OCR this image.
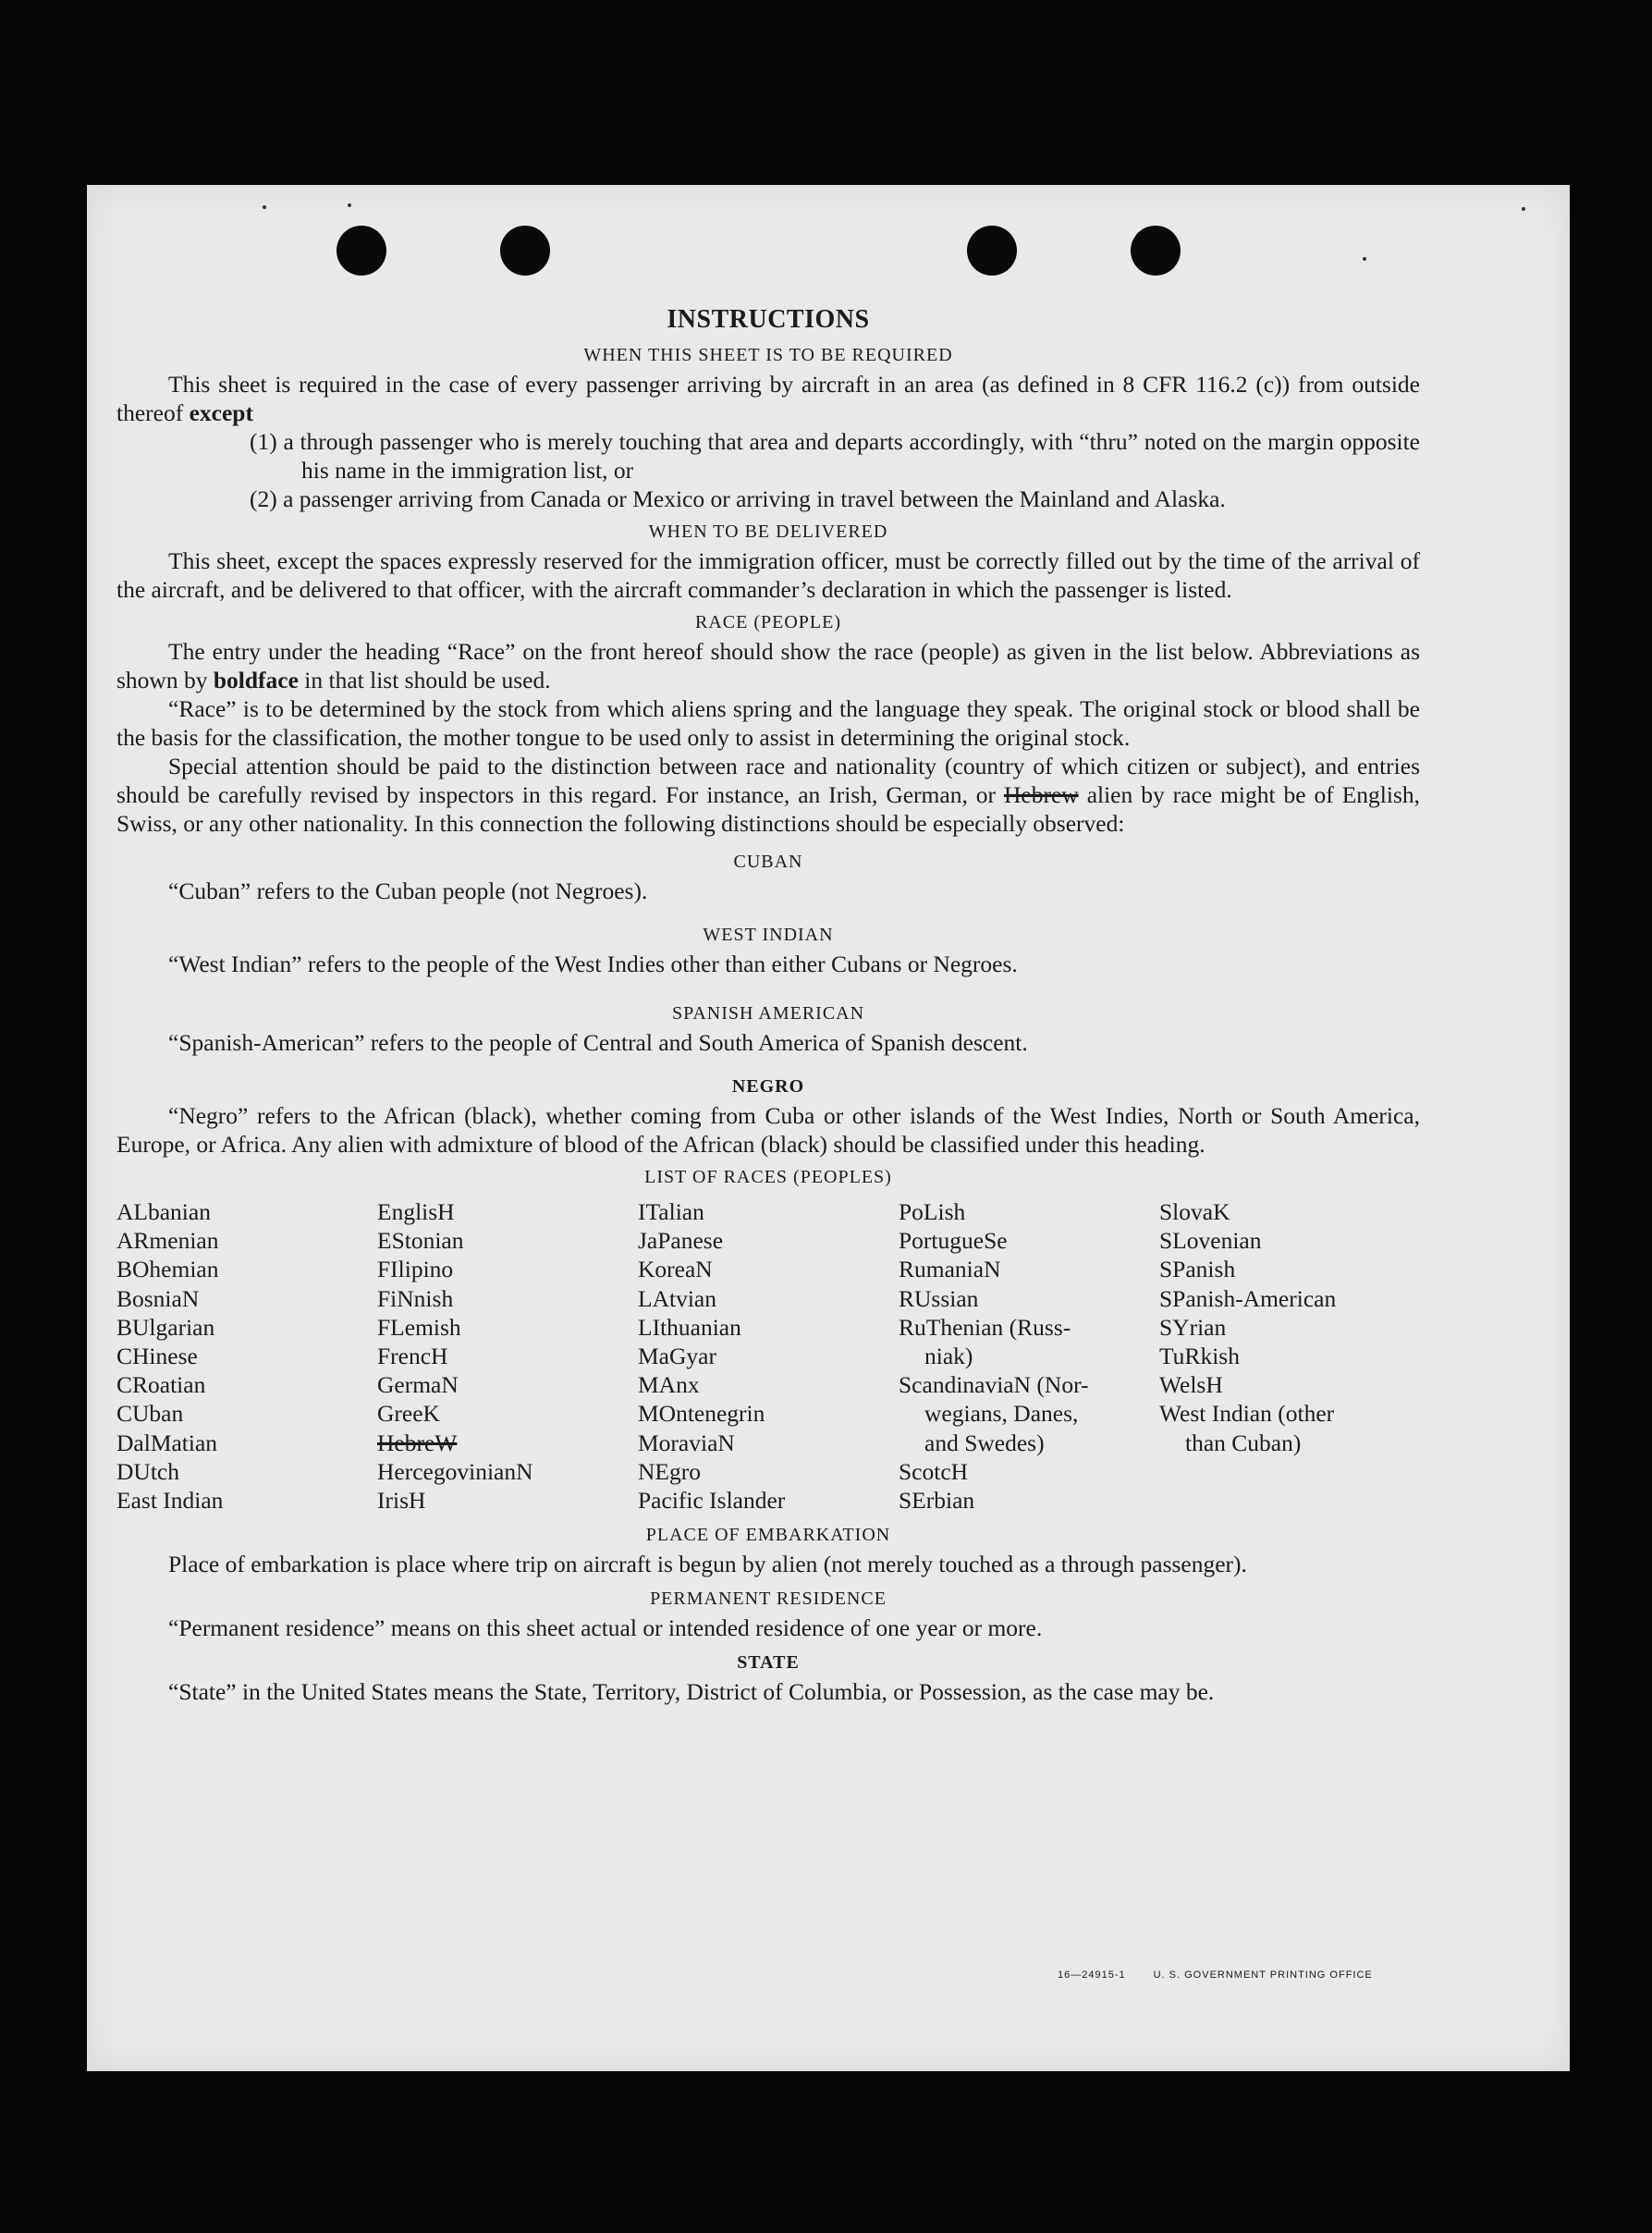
INSTRUCTIONS
WHEN THIS SHEET IS TO BE REQUIRED

This sheet is required in the case of every passenger arriving by aircraft in an area (as defined in 8 CFR 116.2 (c)) from outside thereof except

(1) a through passenger who is merely touching that area and departs accordingly, with “thru” noted on the margin opposite his name in the immigration list, or

(2) a passenger arriving from Canada or Mexico or arriving in travel between the Mainland and Alaska.

WHEN TO BE DELIVERED

This sheet, except the spaces expressly reserved for the immigration officer, must be correctly filled out by the time of the arrival of the aircraft, and be delivered to that officer, with the aircraft commander’s declaration in which the passenger is listed.

RACE (PEOPLE)

The entry under the heading “Race” on the front hereof should show the race (people) as given in the list below. Abbreviations as shown by boldface in that list should be used.

“Race” is to be determined by the stock from which aliens spring and the language they speak. The original stock or blood shall be the basis for the classification, the mother tongue to be used only to assist in determining the original stock.

Special attention should be paid to the distinction between race and nationality (country of which citizen or subject), and entries should be carefully revised by inspectors in this regard. For instance, an Irish, German, or Hebrew alien by race might be of English, Swiss, or any other nationality. In this connection the following distinctions should be especially observed:

CUBAN

“Cuban” refers to the Cuban people (not Negroes).

WEST INDIAN

“West Indian” refers to the people of the West Indies other than either Cubans or Negroes.

SPANISH AMERICAN

“Spanish-American” refers to the people of Central and South America of Spanish descent.

NEGRO

“Negro” refers to the African (black), whether coming from Cuba or other islands of the West Indies, North or South America, Europe, or Africa. Any alien with admixture of blood of the African (black) should be classified under this heading.

LIST OF RACES (PEOPLES)
ALbanian
ARmenian
BOhemian
BosniaN
BUlgarian
CHinese
CRoatian
CUban
DalMatian
DUtch
East Indian
EnglisH
EStonian
FIlipino
FiNnish
FLemish
FrencH
GermaN
GreeK
HebreW
HercegovinianN
IrisH
ITalian
JaPanese
KoreaN
LAtvian
LIthuanian
MaGyar
MAnx
MOntenegrin
MoraviaN
NEgro
Pacific Islander
PoLish
PortugueSe
RumaniaN
RUssian
RuThenian (Russ-
niak)
ScandinaviaN (Nor-
wegians, Danes,
and Swedes)
ScotcH
SErbian
SlovaK
SLovenian
SPanish
SPanish-American
SYrian
TuRkish
WelsH
West Indian (other
than Cuban)
PLACE OF EMBARKATION

Place of embarkation is place where trip on aircraft is begun by alien (not merely touched as a through passenger).

PERMANENT RESIDENCE

“Permanent residence” means on this sheet actual or intended residence of one year or more.

STATE

“State” in the United States means the State, Territory, District of Columbia, or Possession, as the case may be.

16—24915-1	U. S. GOVERNMENT PRINTING OFFICE
